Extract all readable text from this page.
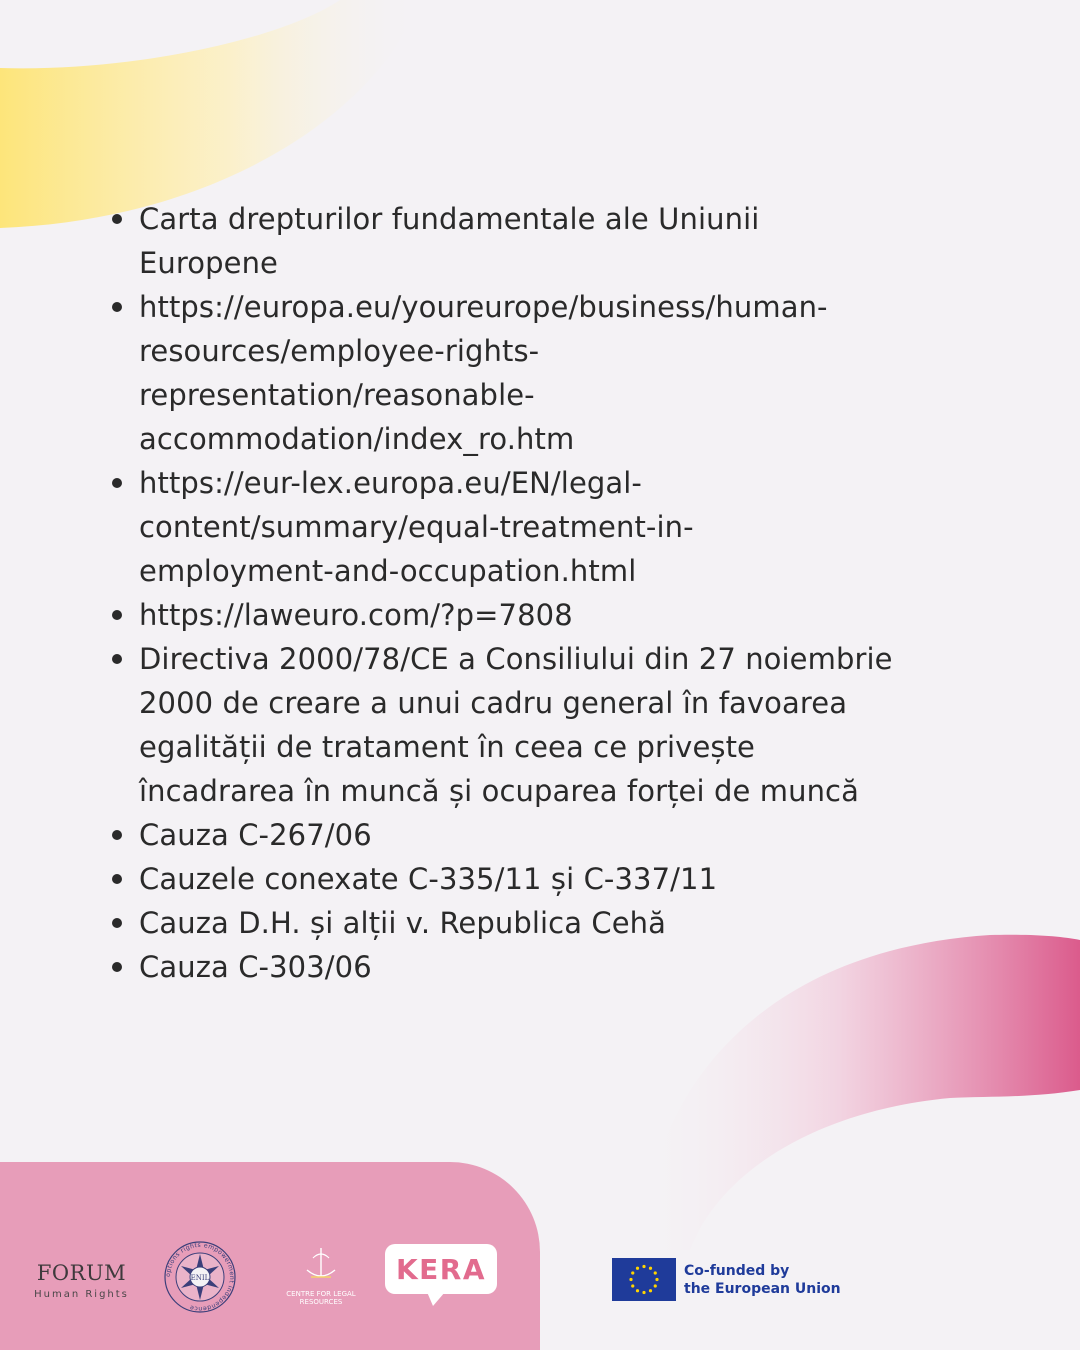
Carta drepturilor fundamentale ale Uniunii
Europene
https://europa.eu/youreurope/business/human-
resources/employee-rights-
representation/reasonable-
accommodation/index_ro.htm
https://eur-lex.europa.eu/EN/legal-
content/summary/equal-treatment-in-
employment-and-occupation.html
https://laweuro.com/?p=7808
Directiva 2000/78/CE a Consiliului din 27 noiembrie
2000 de creare a unui cadru general în favoarea
egalității de tratament în ceea ce privește
încadrarea în muncă și ocuparea forței de muncă
Cauza C-267/06
Cauzele conexate C-335/11 și C-337/11
Cauza D.H. și alții v. Republica Cehă
Cauza C-303/06
FORUM
Human Rights
ENIL
options rights empowerment independence
CENTRE FOR LEGAL
RESOURCES
KERA	Co-funded by
the European Union
